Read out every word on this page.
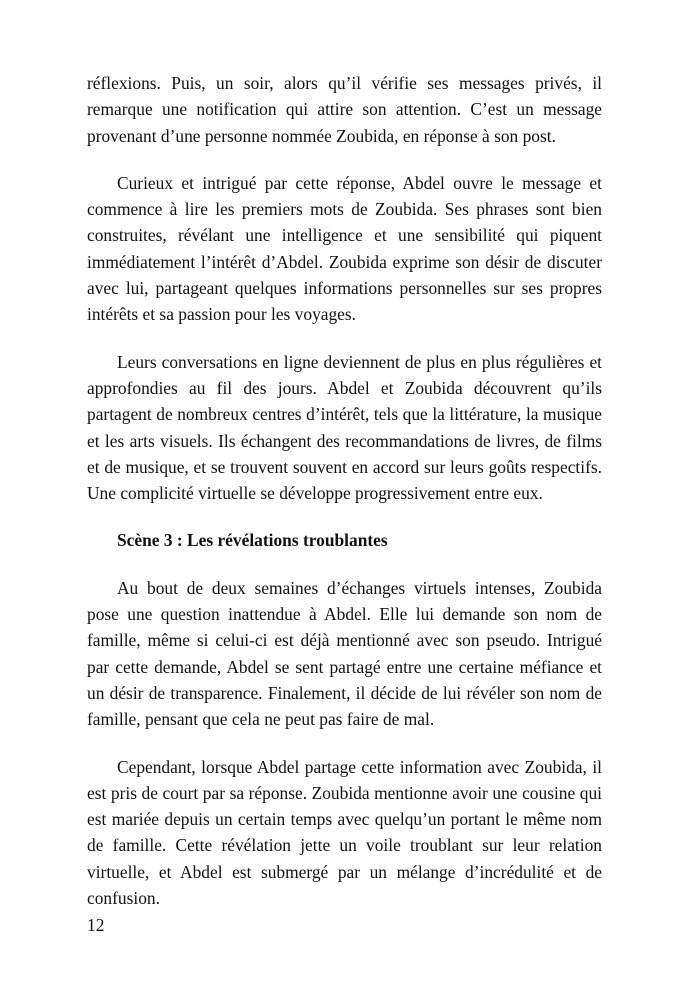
réflexions. Puis, un soir, alors qu’il vérifie ses messages privés, il remarque une notification qui attire son attention. C’est un message provenant d’une personne nommée Zoubida, en réponse à son post.

Curieux et intrigué par cette réponse, Abdel ouvre le message et commence à lire les premiers mots de Zoubida. Ses phrases sont bien construites, révélant une intelligence et une sensibilité qui piquent immédiatement l’intérêt d’Abdel. Zoubida exprime son désir de discuter avec lui, partageant quelques informations personnelles sur ses propres intérêts et sa passion pour les voyages.

Leurs conversations en ligne deviennent de plus en plus régulières et approfondies au fil des jours. Abdel et Zoubida découvrent qu’ils partagent de nombreux centres d’intérêt, tels que la littérature, la musique et les arts visuels. Ils échangent des recommandations de livres, de films et de musique, et se trouvent souvent en accord sur leurs goûts respectifs. Une complicité virtuelle se développe progressivement entre eux.

Scène 3 : Les révélations troublantes

Au bout de deux semaines d’échanges virtuels intenses, Zoubida pose une question inattendue à Abdel. Elle lui demande son nom de famille, même si celui-ci est déjà mentionné avec son pseudo. Intrigué par cette demande, Abdel se sent partagé entre une certaine méfiance et un désir de transparence. Finalement, il décide de lui révéler son nom de famille, pensant que cela ne peut pas faire de mal.

Cependant, lorsque Abdel partage cette information avec Zoubida, il est pris de court par sa réponse. Zoubida mentionne avoir une cousine qui est mariée depuis un certain temps avec quelqu’un portant le même nom de famille. Cette révélation jette un voile troublant sur leur relation virtuelle, et Abdel est submergé par un mélange d’incrédulité et de confusion.

12
